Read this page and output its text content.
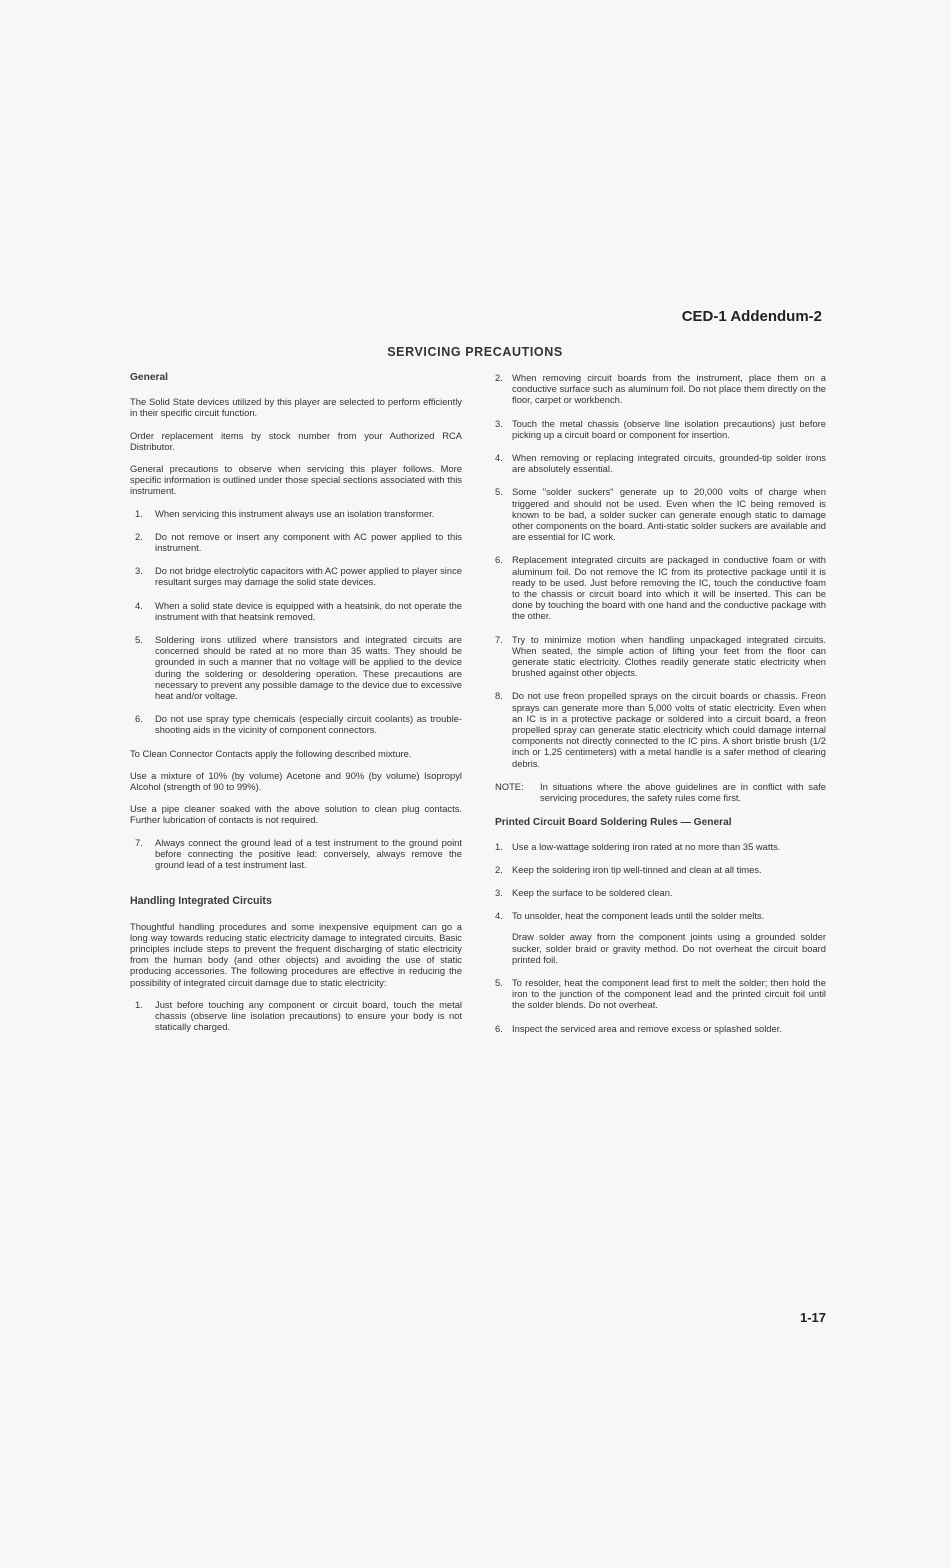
CED-1 Addendum-2
SERVICING PRECAUTIONS
General

The Solid State devices utilized by this player are selected to perform efficiently in their specific circuit function.

Order replacement items by stock number from your Authorized RCA Distributor.

General precautions to observe when servicing this player follows. More specific information is outlined under those special sections associated with this instrument.

1. When servicing this instrument always use an isolation transformer.
2. Do not remove or insert any component with AC power applied to this instrument.
3. Do not bridge electrolytic capacitors with AC power applied to player since resultant surges may damage the solid state devices.
4. When a solid state device is equipped with a heatsink, do not operate the instrument with that heatsink removed.
5. Soldering irons utilized where transistors and integrated circuits are concerned should be rated at no more than 35 watts. They should be grounded in such a manner that no voltage will be applied to the device during the soldering or desoldering operation. These precautions are necessary to prevent any possible damage to the device due to excessive heat and/or voltage.
6. Do not use spray type chemicals (especially circuit coolants) as trouble-shooting aids in the vicinity of component connectors.

To Clean Connector Contacts apply the following described mixture.

Use a mixture of 10% (by volume) Acetone and 90% (by volume) Isopropyl Alcohol (strength of 90 to 99%).

Use a pipe cleaner soaked with the above solution to clean plug contacts. Further lubrication of contacts is not required.

7. Always connect the ground lead of a test instrument to the ground point before connecting the positive lead: conversely, always remove the ground lead of a test instrument last.
Handling Integrated Circuits

Thoughtful handling procedures and some inexpensive equipment can go a long way towards reducing static electricity damage to integrated circuits. Basic principles include steps to prevent the frequent discharging of static electricity from the human body (and other objects) and avoiding the use of static producing accessories. The following procedures are effective in reducing the possibility of integrated circuit damage due to static electricity:

1. Just before touching any component or circuit board, touch the metal chassis (observe line isolation precautions) to ensure your body is not statically charged.
2. When removing circuit boards from the instrument, place them on a conductive surface such as aluminum foil. Do not place them directly on the floor, carpet or workbench.
3. Touch the metal chassis (observe line isolation precautions) just before picking up a circuit board or component for insertion.
4. When removing or replacing integrated circuits, grounded-tip solder irons are absolutely essential.
5. Some "solder suckers" generate up to 20,000 volts of charge when triggered and should not be used. Even when the IC being removed is known to be bad, a solder sucker can generate enough static to damage other components on the board. Anti-static solder suckers are available and are essential for IC work.
6. Replacement integrated circuits are packaged in conductive foam or with aluminum foil. Do not remove the IC from its protective package until it is ready to be used. Just before removing the IC, touch the conductive foam to the chassis or circuit board into which it will be inserted. This can be done by touching the board with one hand and the conductive package with the other.
7. Try to minimize motion when handling unpackaged integrated circuits. When seated, the simple action of lifting your feet from the floor can generate static electricity. Clothes readily generate static electricity when brushed against other objects.
8. Do not use freon propelled sprays on the circuit boards or chassis. Freon sprays can generate more than 5,000 volts of static electricity. Even when an IC is in a protective package or soldered into a circuit board, a freon propelled spray can generate static electricity which could damage internal components not directly connected to the IC pins. A short bristle brush (1/2 inch or 1.25 centimeters) with a metal handle is a safer method of clearing debris.
NOTE: In situations where the above guidelines are in conflict with safe servicing procedures, the safety rules come first.
Printed Circuit Board Soldering Rules — General
1. Use a low-wattage soldering iron rated at no more than 35 watts.
2. Keep the soldering iron tip well-tinned and clean at all times.
3. Keep the surface to be soldered clean.
4. To unsolder, heat the component leads until the solder melts.
Draw solder away from the component joints using a grounded solder sucker, solder braid or gravity method. Do not overheat the circuit board printed foil.
5. To resolder, heat the component lead first to melt the solder; then hold the iron to the junction of the component lead and the printed circuit foil until the solder blends. Do not overheat.
6. Inspect the serviced area and remove excess or splashed solder.
1-17
